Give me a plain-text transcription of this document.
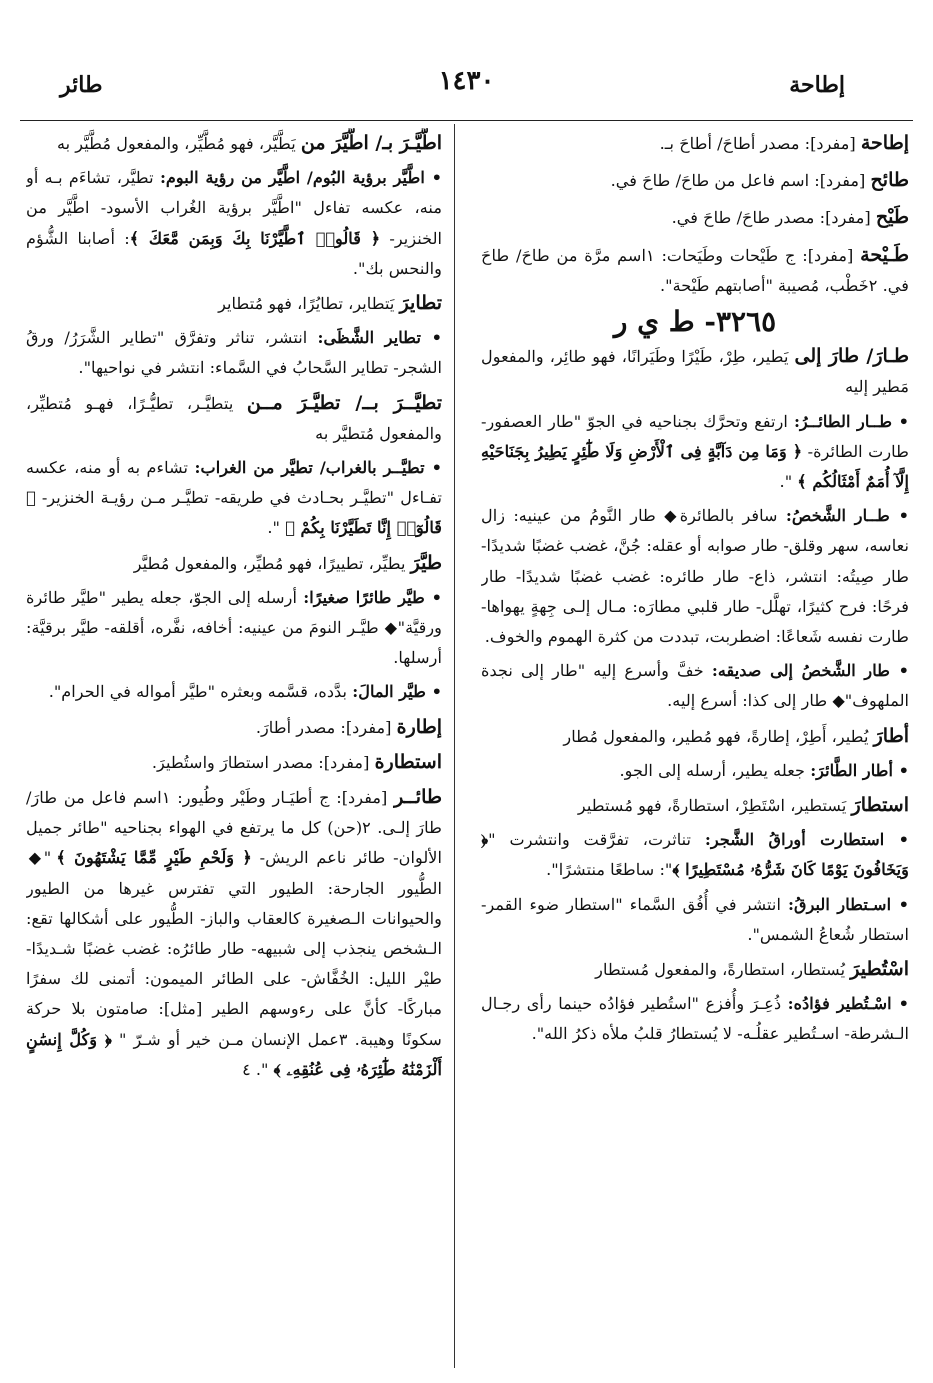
إطاحة
١٤٣٠
طائر

إطاحة [مفرد]: مصدر أطاحَ/ أطاحَ بـ.

طائح [مفرد]: اسم فاعل من طاحَ/ طاحَ في.

طَيْح [مفرد]: مصدر طاحَ/ طاحَ في.

طَـيْحة [مفرد]: ج طَيْحات وطَيَحات: ١اسم مرَّة من طاحَ/ طاحَ في. ٢خَطْب، مُصيبة "أصابتهم طَيْحة".

٣٢٦٥- ط ي ر

طـارَ/ طارَ إلى يَطير، طِرْ، طَيْرًا وطَيَرانًا، فهو طائِر، والمفعول مَطير إليه

• طــار الطائــرُ: ارتفع وتحرَّك بجناحيه في الجوّ "طار العصفور- طارت الطائرة- ﴿ وَمَا مِن دَآبَّةٍ فِى ٱلْأَرْضِ وَلَا طَٰٓئِرٍ يَطِيرُ بِجَنَاحَيْهِ إِلَّآ أُمَمٌ أَمْثَالُكُم ﴾ ".

• طــار الشَّخصُ: سافر بالطائرة◆ طار النَّومُ من عينيه: زال نعاسه، سهر وقلق- طار صوابه أو عقله: جُنَّ، غضب غضبًا شديدًا- طار صِيتُه: انتشر، ذاع- طار طائره: غضب غضبًا شديدًا- طار فرحًا: فرح كثيرًا، تهلَّل- طار قلبي مطارَه: مـال إلـى جِهةٍ يهواها- طارت نفسه شَعاعًا: اضطربت، تبددت من كثرة الهموم والخوف.

• طار الشَّخصُ إلى صديقه: خفَّ وأسرع إليه "طار إلى نجدة الملهوف"◆ طار إلى كذا: أسرع إليه.

أطارَ يُطير، أَطِرْ، إطارةً، فهو مُطير، والمفعول مُطار

• أطار الطَّائرَ: جعله يطير، أرسله إلى الجو.

استطارَ يَستطير، اسْتَطِرْ، استطارةً، فهو مُستطير

• استطارت أوراقُ الشَّجر: تناثرت، تفرَّقت وانتشرت "﴿ وَيَخَافُونَ يَوْمًا كَانَ شَرُّهُۥ مُسْتَطِيرًا ﴾": ساطعًا منتشرًا".

• اسـتطار البرقُ: انتشر في أُفُق السَّماء "استطار ضوء القمر- استطار شُعاعُ الشمس".

اسْتُطيرَ يُستطار، استطارةً، والمفعول مُستطار

• اسْـتُطير فؤادُه: ذُعِـرَ وأُفزع "استُطير فؤادُه حينما رأى رجـال الـشرطة- اسـتُطير عقلُـه- لا يُستطارُ قلبُ ملأه ذكرُ الله".

اطَّيَّـرَ بـ/ اطَّيَّرَ من يَطَّيَّر، فهو مُطَّيِّر، والمفعول مُطَّيَّر به

• اطَّيَّر برؤية البُوم/ اطَّيَّر من رؤية البوم: تطيَّر، تشاءَم بـه أو منه، عكسه تفاءل "اطَّيَّر برؤية الغُراب الأسود- اطَّيَّر من الخنزير- ﴿ قَالُوا۟ ٱطَّيَّرْنَا بِكَ وَبِمَن مَّعَكَ ﴾: أصابنا الشُّؤم والنحس بك".

تطايرَ يَتطاير، تطايُرًا، فهو مُتطاير

• تطاير الشَّظَى: انتشر، تناثر وتفرَّق "تطاير الشَّرَرُ/ ورقُ الشجر- تطاير السَّحابُ في السَّماء: انتشر في نواحيها".

تطيَّــرَ بــ/ تطيَّـرَ مــن يتطيَّـر، تطيُّـرًا، فهـو مُتطيِّر، والمفعول مُتطيَّر به

• تطيَّــر بالغراب/ تطيَّر من الغراب: تشاءم به أو منه، عكسه تفـاءل "تطيَّـر بحـادث في طريقه- تطيَّـر مـن رؤيـة الخنزير- ﴿ قَالُوٓا۟ إِنَّا تَطَيَّرْنَا بِكُمْ ﴾ ".

طيَّرَ يطيِّر، تطييرًا، فهو مُطيِّر، والمفعول مُطيَّر

• طيَّر طائرًا صغيرًا: أرسله إلى الجوّ، جعله يطير "طيَّر طائرة ورقيَّة"◆ طيَّـر النومَ من عينيه: أخافه، نفَّره، أقلقه- طيَّر برقيَّة: أرسلها.

• طيَّر المالَ: بدَّده، قسَّمه وبعثره "طيَّر أمواله في الحرام".

إطارة [مفرد]: مصدر أطارَ.

استطارة [مفرد]: مصدر استطارَ واستُطيرَ.

طائــر [مفرد]: ج أطيَـار وطَيْر وطُيور: ١اسم فاعل من طارَ/ طارَ إلـى. ٢(حن) كل ما يرتفع في الهواء بجناحيه "طائر جميل الألوان- طائر ناعم الريش- ﴿ وَلَحْمِ طَيْرٍ مِّمَّا يَشْتَهُونَ ﴾ "◆ الطُّيور الجارحة: الطيور التي تفترس غيرها من الطيور والحيوانات الـصغيرة كالعقاب والباز- الطُّيور على أشكالها تقع: الـشخص ينجذب إلى شبيهه- طار طائرُه: غضب غضبًا شـديدًا- طيْر الليل: الخُفَّاش- على الطائر الميمون: أتمنى لك سفرًا مباركًا- كأنَّ على رءوسهم الطير [مثل]: صامتون بلا حركة سكونًا وهيبة. ٣عمل الإنسان مـن خير أو شـرّ " ﴿ وَكُلَّ إِنسَٰنٍ أَلْزَمْنَٰهُ طَٰٓئِرَهُۥ فِى عُنُقِهِۦ ﴾ ". ٤
